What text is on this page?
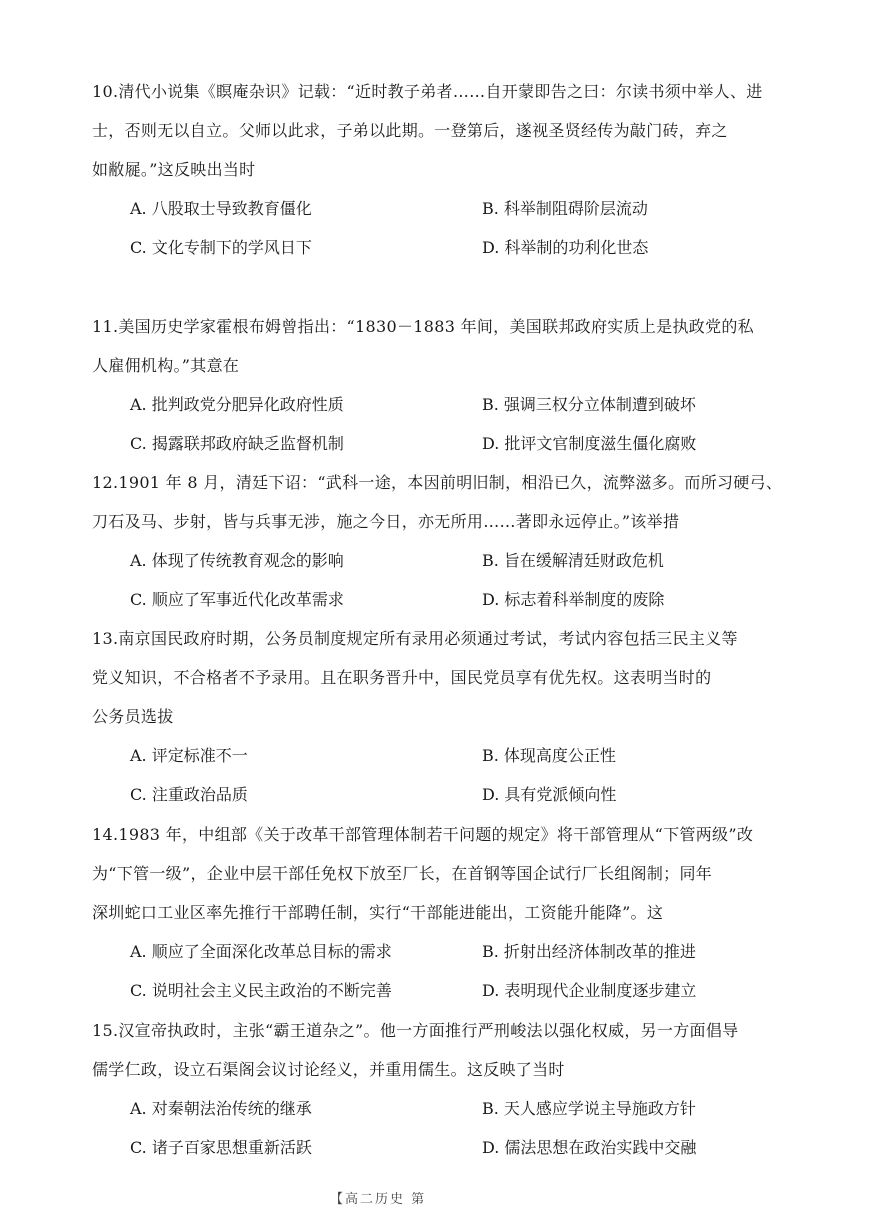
10.清代小说集《瞑庵杂识》记载：“近时教子弟者……自开蒙即告之曰：尔读书须中举人、进

士，否则无以自立。父师以此求，子弟以此期。一登第后，遂视圣贤经传为敲门砖，弃之

如敝屣。”这反映出当时

A. 八股取士导致教育僵化	B. 科举制阻碍阶层流动
C. 文化专制下的学风日下	D. 科举制的功利化世态

11.美国历史学家霍根布姆曾指出：“1830－1883 年间，美国联邦政府实质上是执政党的私

人雇佣机构。”其意在

A. 批判政党分肥异化政府性质	B. 强调三权分立体制遭到破坏
C. 揭露联邦政府缺乏监督机制	D. 批评文官制度滋生僵化腐败

12.1901 年 8 月，清廷下诏：“武科一途，本因前明旧制，相沿已久，流弊滋多。而所习硬弓、

刀石及马、步射，皆与兵事无涉，施之今日，亦无所用……著即永远停止。”该举措

A. 体现了传统教育观念的影响	B. 旨在缓解清廷财政危机
C. 顺应了军事近代化改革需求	D. 标志着科举制度的废除

13.南京国民政府时期，公务员制度规定所有录用必须通过考试，考试内容包括三民主义等

党义知识，不合格者不予录用。且在职务晋升中，国民党员享有优先权。这表明当时的

公务员选拔

A. 评定标准不一	B. 体现高度公正性
C. 注重政治品质	D. 具有党派倾向性

14.1983 年，中组部《关于改革干部管理体制若干问题的规定》将干部管理从“下管两级”改

为“下管一级”，企业中层干部任免权下放至厂长，在首钢等国企试行厂长组阁制；同年

深圳蛇口工业区率先推行干部聘任制，实行“干部能进能出，工资能升能降”。这

A. 顺应了全面深化改革总目标的需求	B. 折射出经济体制改革的推进
C. 说明社会主义民主政治的不断完善	D. 表明现代企业制度逐步建立

15.汉宣帝执政时，主张“霸王道杂之”。他一方面推行严刑峻法以强化权威，另一方面倡导

儒学仁政，设立石渠阁会议讨论经义，并重用儒生。这反映了当时

A. 对秦朝法治传统的继承	B. 天人感应学说主导施政方针
C. 诸子百家思想重新活跃	D. 儒法思想在政治实践中交融
【高二历史 第
